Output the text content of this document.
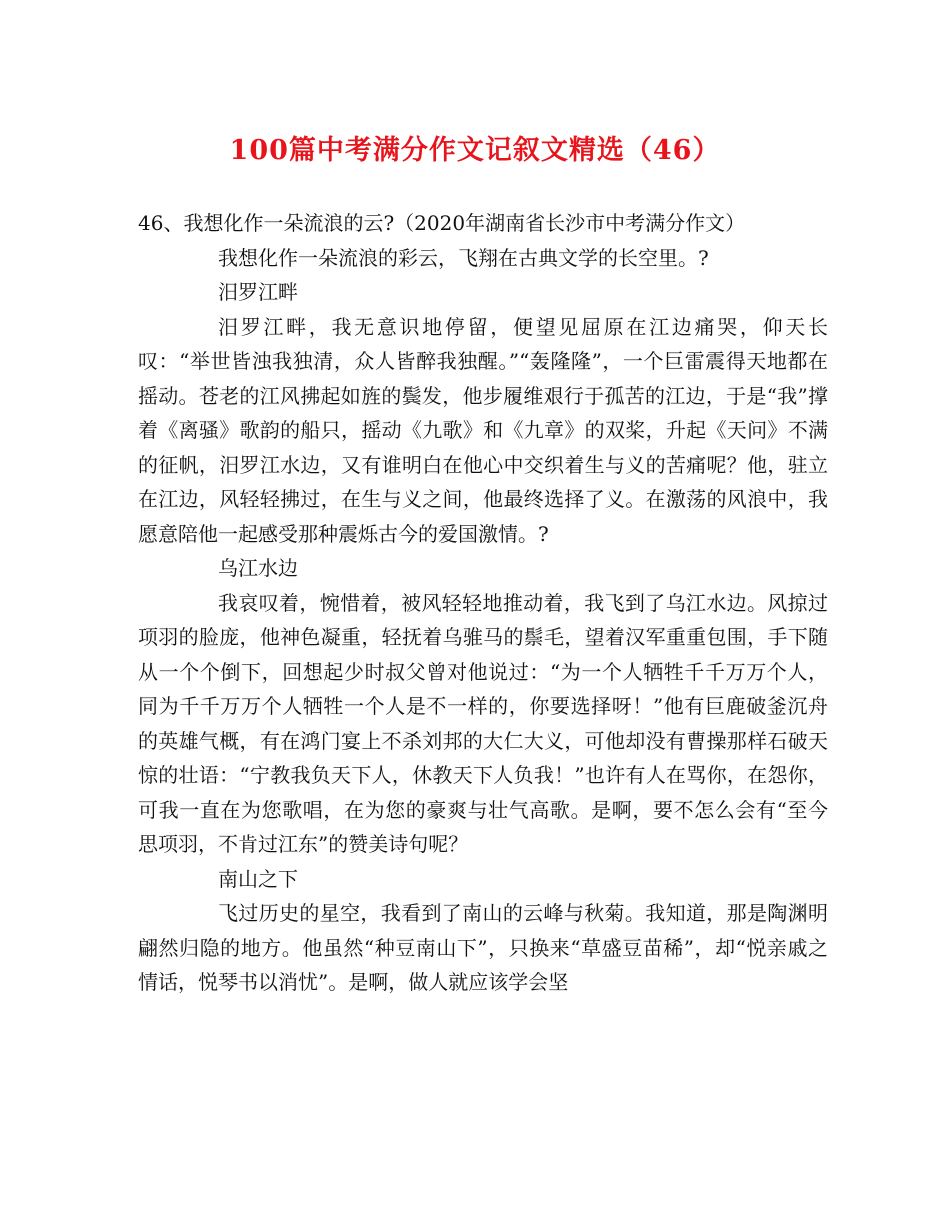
100篇中考满分作文记叙文精选（46）

46、我想化作一朵流浪的云?（2020年湖南省长沙市中考满分作文）

我想化作一朵流浪的彩云，飞翔在古典文学的长空里。?

汨罗江畔

汨罗江畔，我无意识地停留，便望见屈原在江边痛哭，仰天长叹：“举世皆浊我独清，众人皆醉我独醒。”“轰隆隆”，一个巨雷震得天地都在摇动。苍老的江风拂起如旌的鬓发，他步履维艰行于孤苦的江边，于是“我”撑着《离骚》歌韵的船只，摇动《九歌》和《九章》的双桨，升起《天问》不满的征帆，汨罗江水边，又有谁明白在他心中交织着生与义的苦痛呢？他，驻立在江边，风轻轻拂过，在生与义之间，他最终选择了义。在激荡的风浪中，我愿意陪他一起感受那种震烁古今的爱国激情。?

乌江水边

我哀叹着，惋惜着，被风轻轻地推动着，我飞到了乌江水边。风掠过项羽的脸庞，他神色凝重，轻抚着乌骓马的鬃毛，望着汉军重重包围，手下随从一个个倒下，回想起少时叔父曾对他说过：“为一个人牺牲千千万万个人，同为千千万万个人牺牲一个人是不一样的，你要选择呀！”他有巨鹿破釜沉舟的英雄气概，有在鸿门宴上不杀刘邦的大仁大义，可他却没有曹操那样石破天惊的壮语：“宁教我负天下人，休教天下人负我！”也许有人在骂你，在怨你，可我一直在为您歌唱，在为您的豪爽与壮气高歌。是啊，要不怎么会有“至今思项羽，不肯过江东”的赞美诗句呢？

南山之下

飞过历史的星空，我看到了南山的云峰与秋菊。我知道，那是陶渊明翩然归隐的地方。他虽然“种豆南山下”，只换来“草盛豆苗稀”，却“悦亲戚之情话，悦琴书以消忧”。是啊，做人就应该学会坚
